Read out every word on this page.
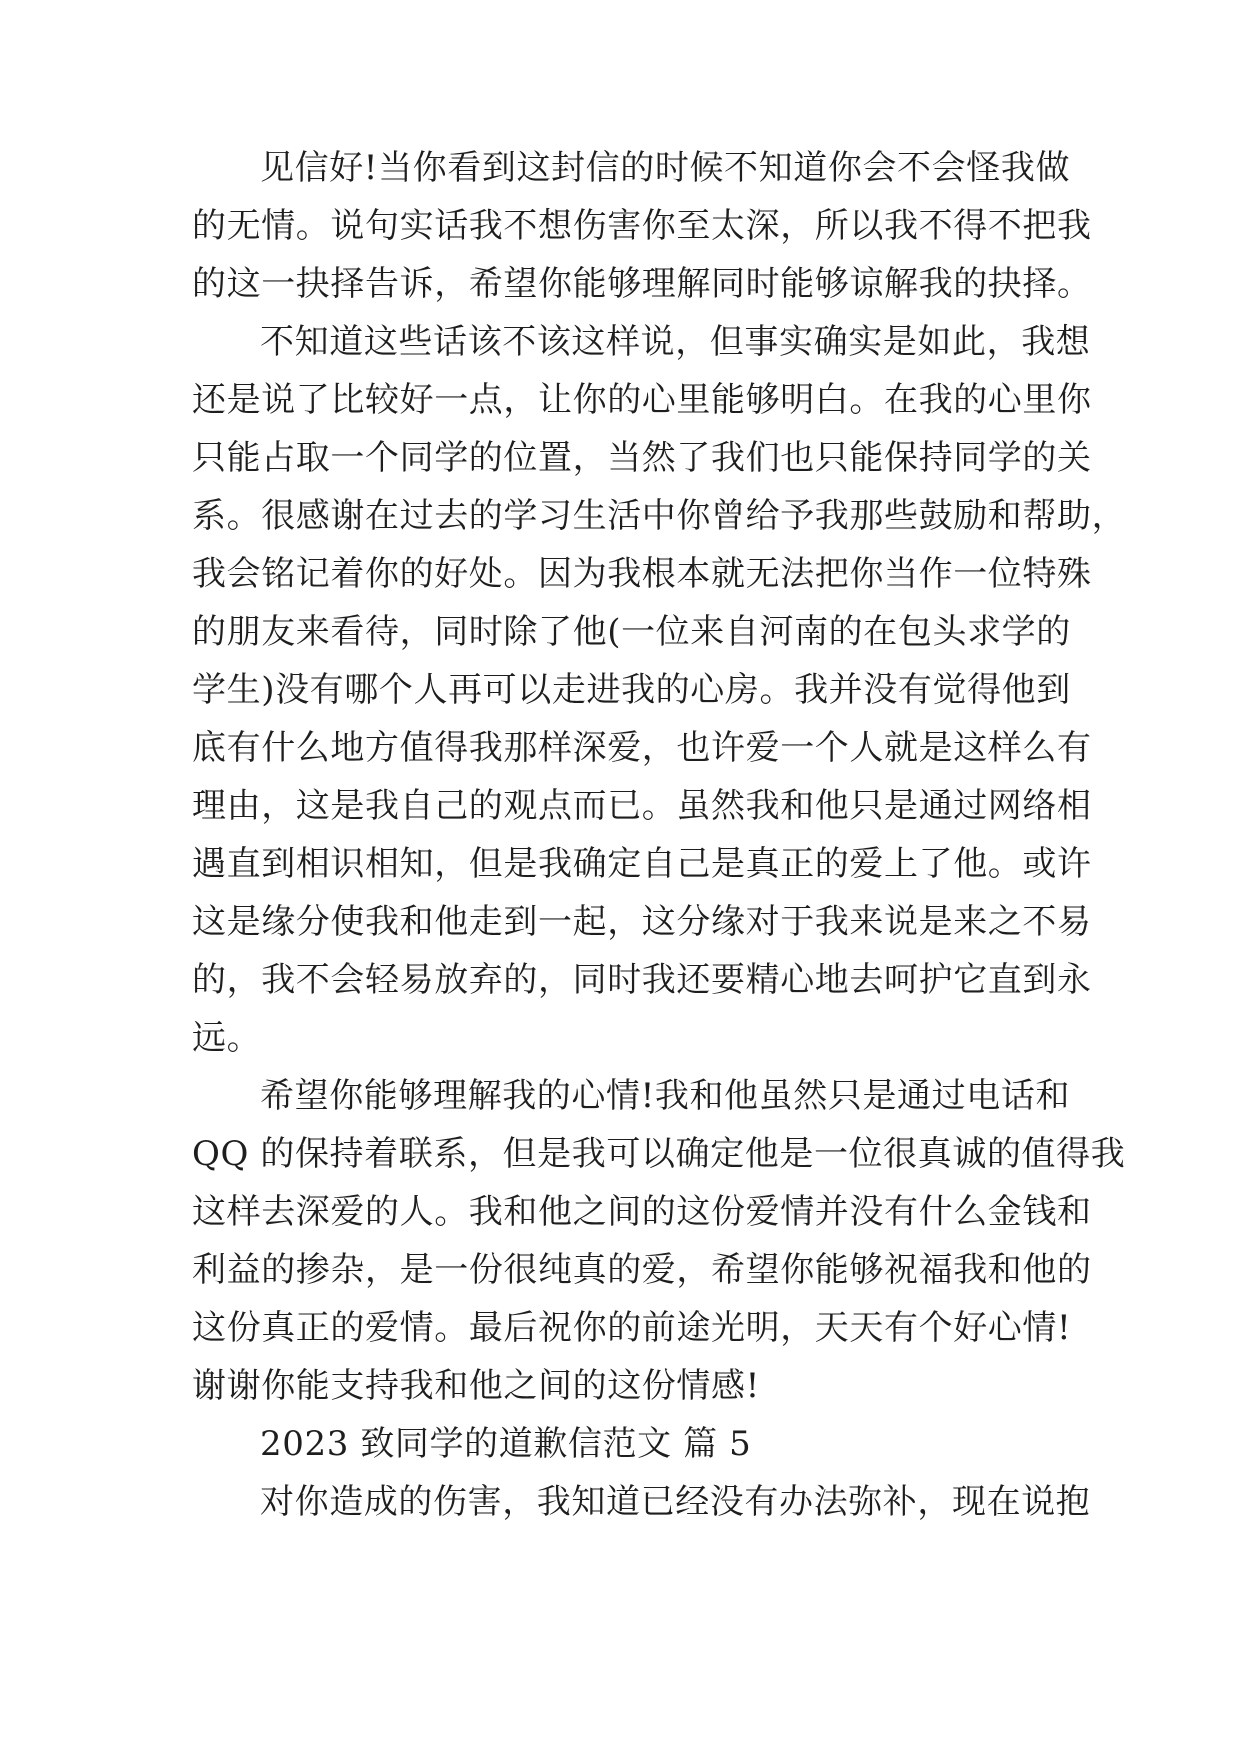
见信好!当你看到这封信的时候不知道你会不会怪我做
的无情。说句实话我不想伤害你至太深，所以我不得不把我
的这一抉择告诉，希望你能够理解同时能够谅解我的抉择。
不知道这些话该不该这样说，但事实确实是如此，我想
还是说了比较好一点，让你的心里能够明白。在我的心里你
只能占取一个同学的位置，当然了我们也只能保持同学的关
系。很感谢在过去的学习生活中你曾给予我那些鼓励和帮助，
我会铭记着你的好处。因为我根本就无法把你当作一位特殊
的朋友来看待，同时除了他(一位来自河南的在包头求学的
学生)没有哪个人再可以走进我的心房。我并没有觉得他到
底有什么地方值得我那样深爱，也许爱一个人就是这样么有
理由，这是我自己的观点而已。虽然我和他只是通过网络相
遇直到相识相知，但是我确定自己是真正的爱上了他。或许
这是缘分使我和他走到一起，这分缘对于我来说是来之不易
的，我不会轻易放弃的，同时我还要精心地去呵护它直到永
远。
希望你能够理解我的心情!我和他虽然只是通过电话和
QQ 的保持着联系，但是我可以确定他是一位很真诚的值得我
这样去深爱的人。我和他之间的这份爱情并没有什么金钱和
利益的掺杂，是一份很纯真的爱，希望你能够祝福我和他的
这份真正的爱情。最后祝你的前途光明，天天有个好心情!
谢谢你能支持我和他之间的这份情感!
2023 致同学的道歉信范文 篇 5
对你造成的伤害，我知道已经没有办法弥补，现在说抱
